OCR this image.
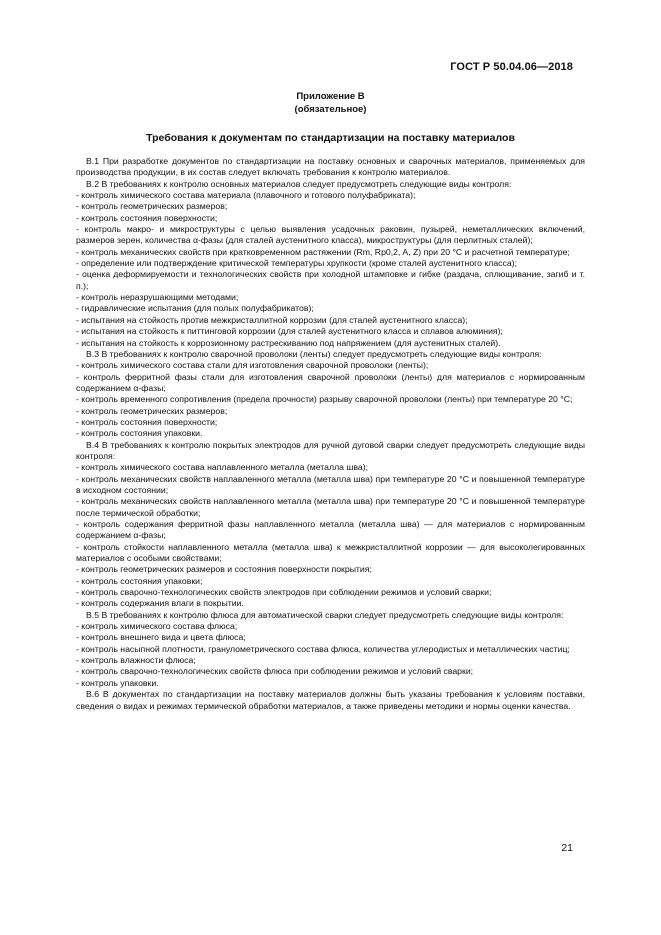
ГОСТ Р 50.04.06—2018
Приложение В
(обязательное)
Требования к документам по стандартизации на поставку материалов

В.1 При разработке документов по стандартизации на поставку основных и сварочных материалов, применяемых для производства продукции, в их состав следует включать требования к контролю материалов.

В.2 В требованиях к контролю основных материалов следует предусмотреть следующие виды контроля:

- контроль химического состава материала (плавочного и готового полуфабриката);

- контроль геометрических размеров;

- контроль состояния поверхности;

- контроль макро- и микроструктуры с целью выявления усадочных раковин, пузырей, неметаллических включений, размеров зерен, количества α-фазы (для сталей аустенитного класса), микроструктуры (для перлитных сталей);

- контроль механических свойств при кратковременном растяжении (Rm, Rp0,2, A, Z) при 20 °С и расчетной температуре;

- определение или подтверждение критической температуры хрупкости (кроме сталей аустенитного класса);

- оценка деформируемости и технологических свойств при холодной штамповке и гибке (раздача, сплющивание, загиб и т. п.);

- контроль неразрушающими методами;

- гидравлические испытания (для полых полуфабрикатов);

- испытания на стойкость против межкристаллитной коррозии (для сталей аустенитного класса);

- испытания на стойкость к питтинговой коррозии (для сталей аустенитного класса и сплавов алюминия);

- испытания на стойкость к коррозионному растрескиванию под напряжением (для аустенитных сталей).

В.3 В требованиях к контролю сварочной проволоки (ленты) следует предусмотреть следующие виды контроля:

- контроль химического состава стали для изготовления сварочной проволоки (ленты);

- контроль ферритной фазы стали для изготовления сварочной проволоки (ленты) для материалов с нормированным содержанием α-фазы;

- контроль временного сопротивления (предела прочности) разрыву сварочной проволоки (ленты) при температуре 20 °С;

- контроль геометрических размеров;

- контроль состояния поверхности;

- контроль состояния упаковки.

В.4 В требованиях к контролю покрытых электродов для ручной дуговой сварки следует предусмотреть следующие виды контроля:

- контроль химического состава наплавленного металла (металла шва);

- контроль механических свойств наплавленного металла (металла шва) при температуре 20 °С и повышенной температуре в исходном состоянии;

- контроль механических свойств наплавленного металла (металла шва) при температуре 20 °С и повышенной температуре после термической обработки;

- контроль содержания ферритной фазы наплавленного металла (металла шва) — для материалов с нормированным содержанием α-фазы;

- контроль стойкости наплавленного металла (металла шва) к межкристаллитной коррозии — для высоколегированных материалов с особыми свойствами;

- контроль геометрических размеров и состояния поверхности покрытия;

- контроль состояния упаковки;

- контроль сварочно-технологических свойств электродов при соблюдении режимов и условий сварки;

- контроль содержания влаги в покрытии.

В.5 В требованиях к контролю флюса для автоматической сварки следует предусмотреть следующие виды контроля:

- контроль химического состава флюса;

- контроль внешнего вида и цвета флюса;

- контроль насыпной плотности, гранулометрического состава флюса, количества углеродистых и металлических частиц;

- контроль влажности флюса;

- контроль сварочно-технологических свойств флюса при соблюдении режимов и условий сварки;

- контроль упаковки.

В.6 В документах по стандартизации на поставку материалов должны быть указаны требования к условиям поставки, сведения о видах и режимах термической обработки материалов, а также приведены методики и нормы оценки качества.

21
